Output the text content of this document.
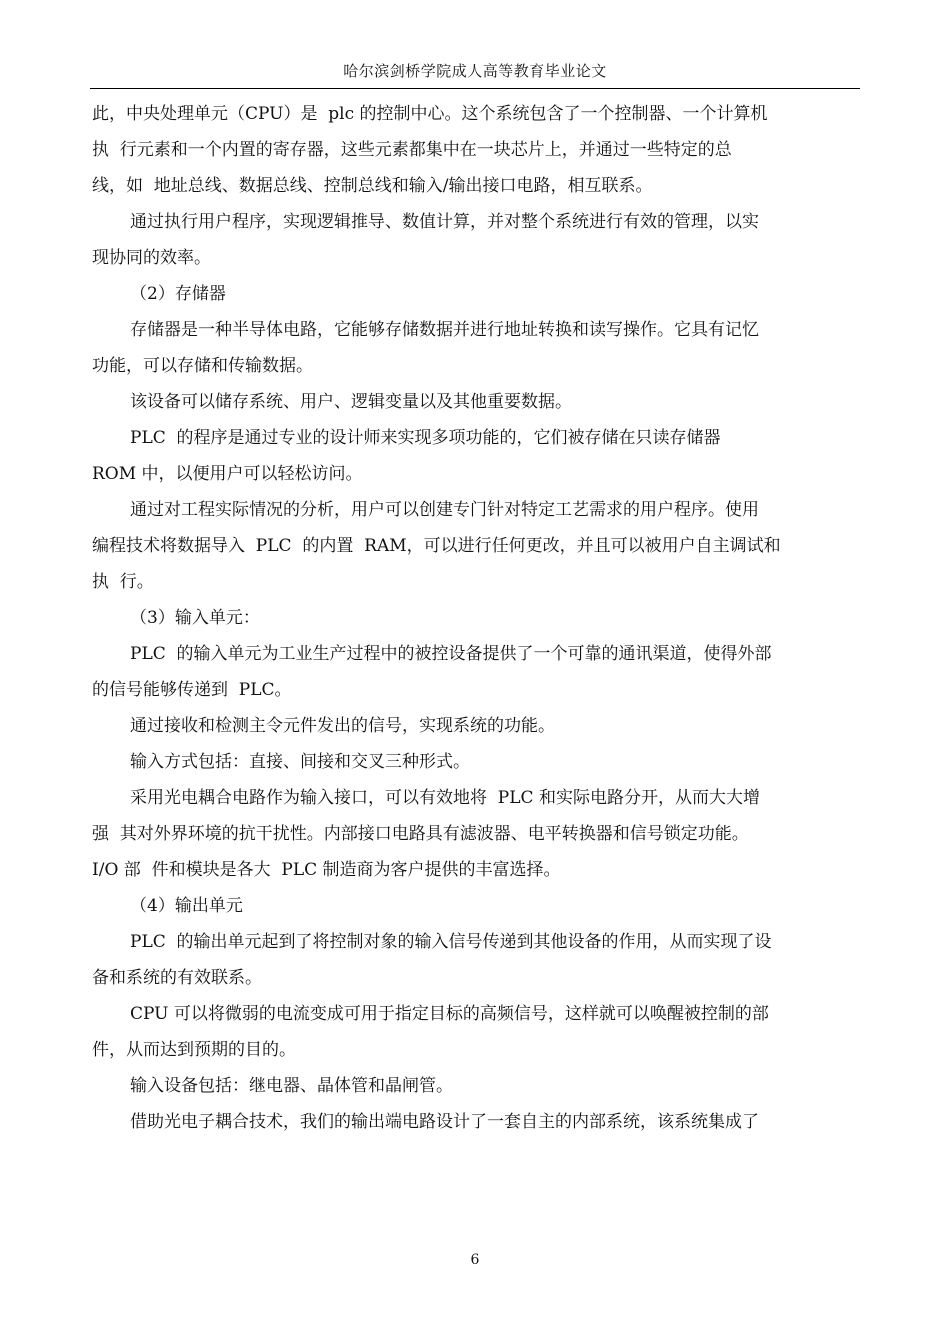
哈尔滨剑桥学院成人高等教育毕业论文
此，中央处理单元（CPU）是  plc 的控制中心。这个系统包含了一个控制器、一个计算机
执  行元素和一个内置的寄存器，这些元素都集中在一块芯片上，并通过一些特定的总
线，如  地址总线、数据总线、控制总线和输入/输出接口电路，相互联系。
通过执行用户程序，实现逻辑推导、数值计算，并对整个系统进行有效的管理，以实
现协同的效率。
（2）存储器
存储器是一种半导体电路，它能够存储数据并进行地址转换和读写操作。它具有记忆
功能，可以存储和传输数据。
该设备可以储存系统、用户、逻辑变量以及其他重要数据。
PLC  的程序是通过专业的设计师来实现多项功能的，它们被存储在只读存储器
ROM 中，以便用户可以轻松访问。
通过对工程实际情况的分析，用户可以创建专门针对特定工艺需求的用户程序。使用
编程技术将数据导入  PLC  的内置  RAM，可以进行任何更改，并且可以被用户自主调试和
执  行。
（3）输入单元：
PLC  的输入单元为工业生产过程中的被控设备提供了一个可靠的通讯渠道，使得外部
的信号能够传递到  PLC。
通过接收和检测主令元件发出的信号，实现系统的功能。
输入方式包括：直接、间接和交叉三种形式。
采用光电耦合电路作为输入接口，可以有效地将  PLC 和实际电路分开，从而大大增
强  其对外界环境的抗干扰性。内部接口电路具有滤波器、电平转换器和信号锁定功能。
I/O 部  件和模块是各大  PLC 制造商为客户提供的丰富选择。
（4）输出单元
PLC  的输出单元起到了将控制对象的输入信号传递到其他设备的作用，从而实现了设
备和系统的有效联系。
CPU 可以将微弱的电流变成可用于指定目标的高频信号，这样就可以唤醒被控制的部
件，从而达到预期的目的。
输入设备包括：继电器、晶体管和晶闸管。
借助光电子耦合技术，我们的输出端电路设计了一套自主的内部系统，该系统集成了
6
